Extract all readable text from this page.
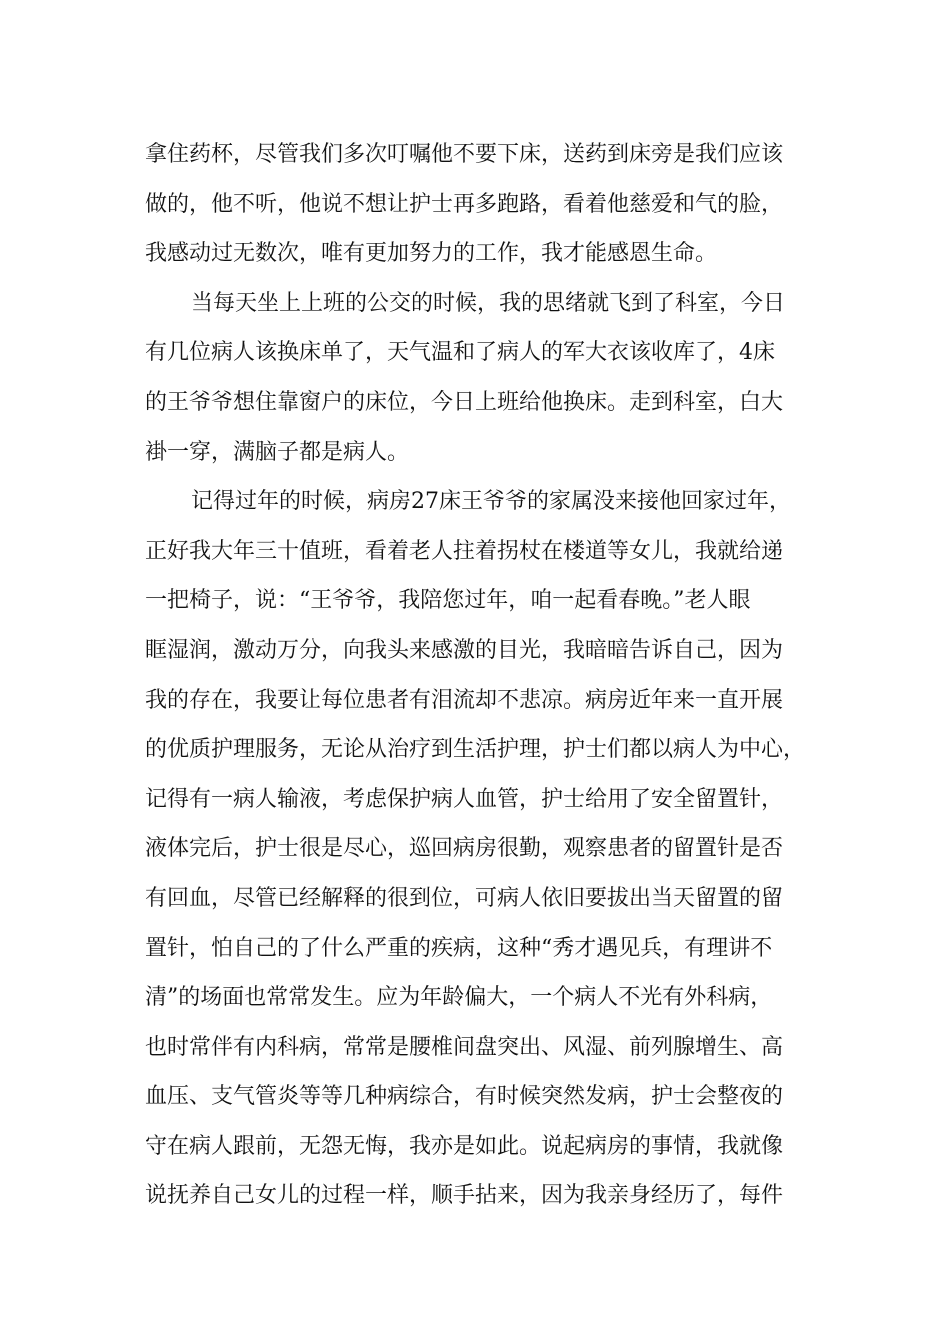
拿住药杯，尽管我们多次叮嘱他不要下床，送药到床旁是我们应该
做的，他不听，他说不想让护士再多跑路，看着他慈爱和气的脸，
我感动过无数次，唯有更加努力的工作，我才能感恩生命。
当每天坐上上班的公交的时候，我的思绪就飞到了科室，今日
有几位病人该换床单了，天气温和了病人的军大衣该收库了，4床
的王爷爷想住靠窗户的床位，今日上班给他换床。走到科室，白大
褂一穿，满脑子都是病人。
记得过年的时候，病房27床王爷爷的家属没来接他回家过年，
正好我大年三十值班，看着老人拄着拐杖在楼道等女儿，我就给递
一把椅子，说：“王爷爷，我陪您过年，咱一起看春晚。”老人眼
眶湿润，激动万分，向我头来感激的目光，我暗暗告诉自己，因为
我的存在，我要让每位患者有泪流却不悲凉。病房近年来一直开展
的优质护理服务，无论从治疗到生活护理，护士们都以病人为中心，
记得有一病人输液，考虑保护病人血管，护士给用了安全留置针，
液体完后，护士很是尽心，巡回病房很勤，观察患者的留置针是否
有回血，尽管已经解释的很到位，可病人依旧要拔出当天留置的留
置针，怕自己的了什么严重的疾病，这种“秀才遇见兵，有理讲不
清”的场面也常常发生。应为年龄偏大，一个病人不光有外科病，
也时常伴有内科病，常常是腰椎间盘突出、风湿、前列腺增生、高
血压、支气管炎等等几种病综合，有时候突然发病，护士会整夜的
守在病人跟前，无怨无悔，我亦是如此。说起病房的事情，我就像
说抚养自己女儿的过程一样，顺手拈来，因为我亲身经历了，每件
